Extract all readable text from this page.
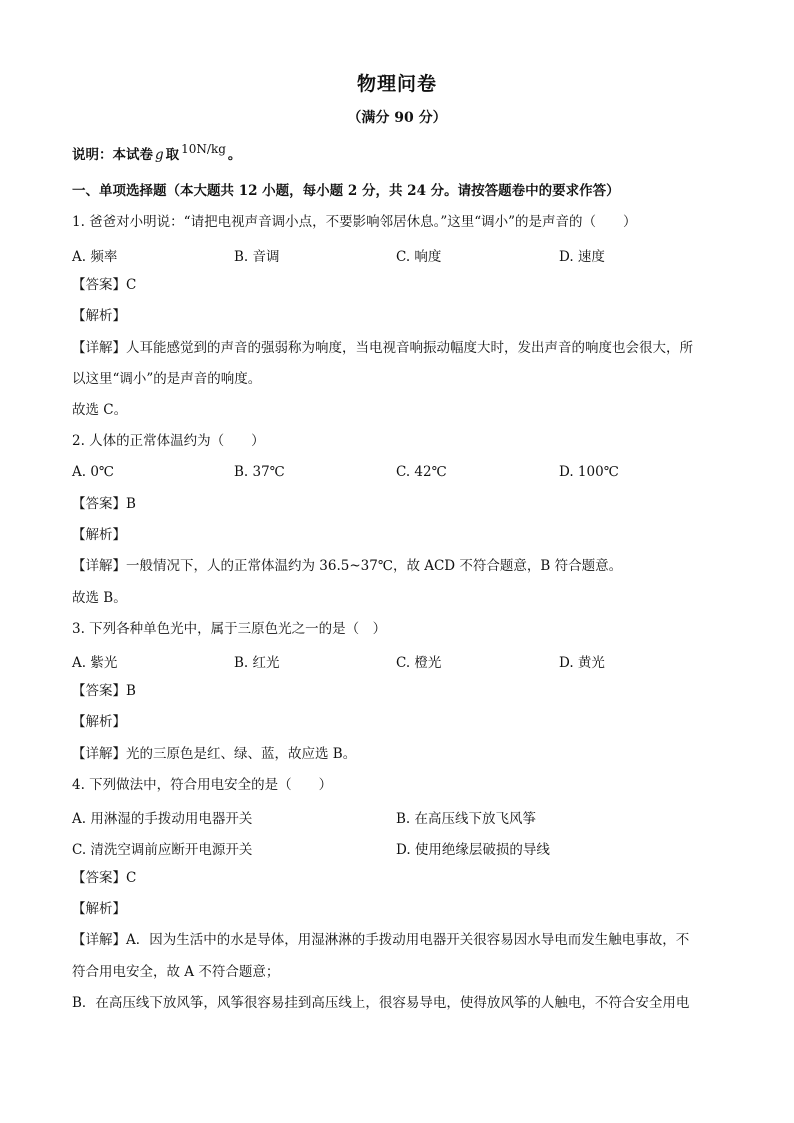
物理问卷
（满分 90 分）
说明：本试卷 g 取 10N/kg 。
一、单项选择题（本大题共 12 小题，每小题 2 分，共 24 分。请按答题卷中的要求作答）
1. 爸爸对小明说：“请把电视声音调小点，不要影响邻居休息。”这里“调小”的是声音的（　　）
A. 频率	B. 音调	C. 响度	D. 速度
【答案】C
【解析】
【详解】人耳能感觉到的声音的强弱称为响度，当电视音响振动幅度大时，发出声音的响度也会很大，所
以这里“调小”的是声音的响度。
故选 C。
2. 人体的正常体温约为（　　）
A. 0℃	B. 37℃	C. 42℃	D. 100℃
【答案】B
【解析】
【详解】一般情况下，人的正常体温约为 36.5~37℃，故 ACD 不符合题意，B 符合题意。
故选 B。
3. 下列各种单色光中，属于三原色光之一的是（　）
A. 紫光	B. 红光	C. 橙光	D. 黄光
【答案】B
【解析】
【详解】光的三原色是红、绿、蓝，故应选 B。
4. 下列做法中，符合用电安全的是（　　）
A. 用淋湿的手拨动用电器开关	B. 在高压线下放飞风筝
C. 清洗空调前应断开电源开关	D. 使用绝缘层破损的导线
【答案】C
【解析】
【详解】A．因为生活中的水是导体，用湿淋淋的手拨动用电器开关很容易因水导电而发生触电事故，不
符合用电安全，故 A 不符合题意；
B．在高压线下放风筝，风筝很容易挂到高压线上，很容易导电，使得放风筝的人触电，不符合安全用电
